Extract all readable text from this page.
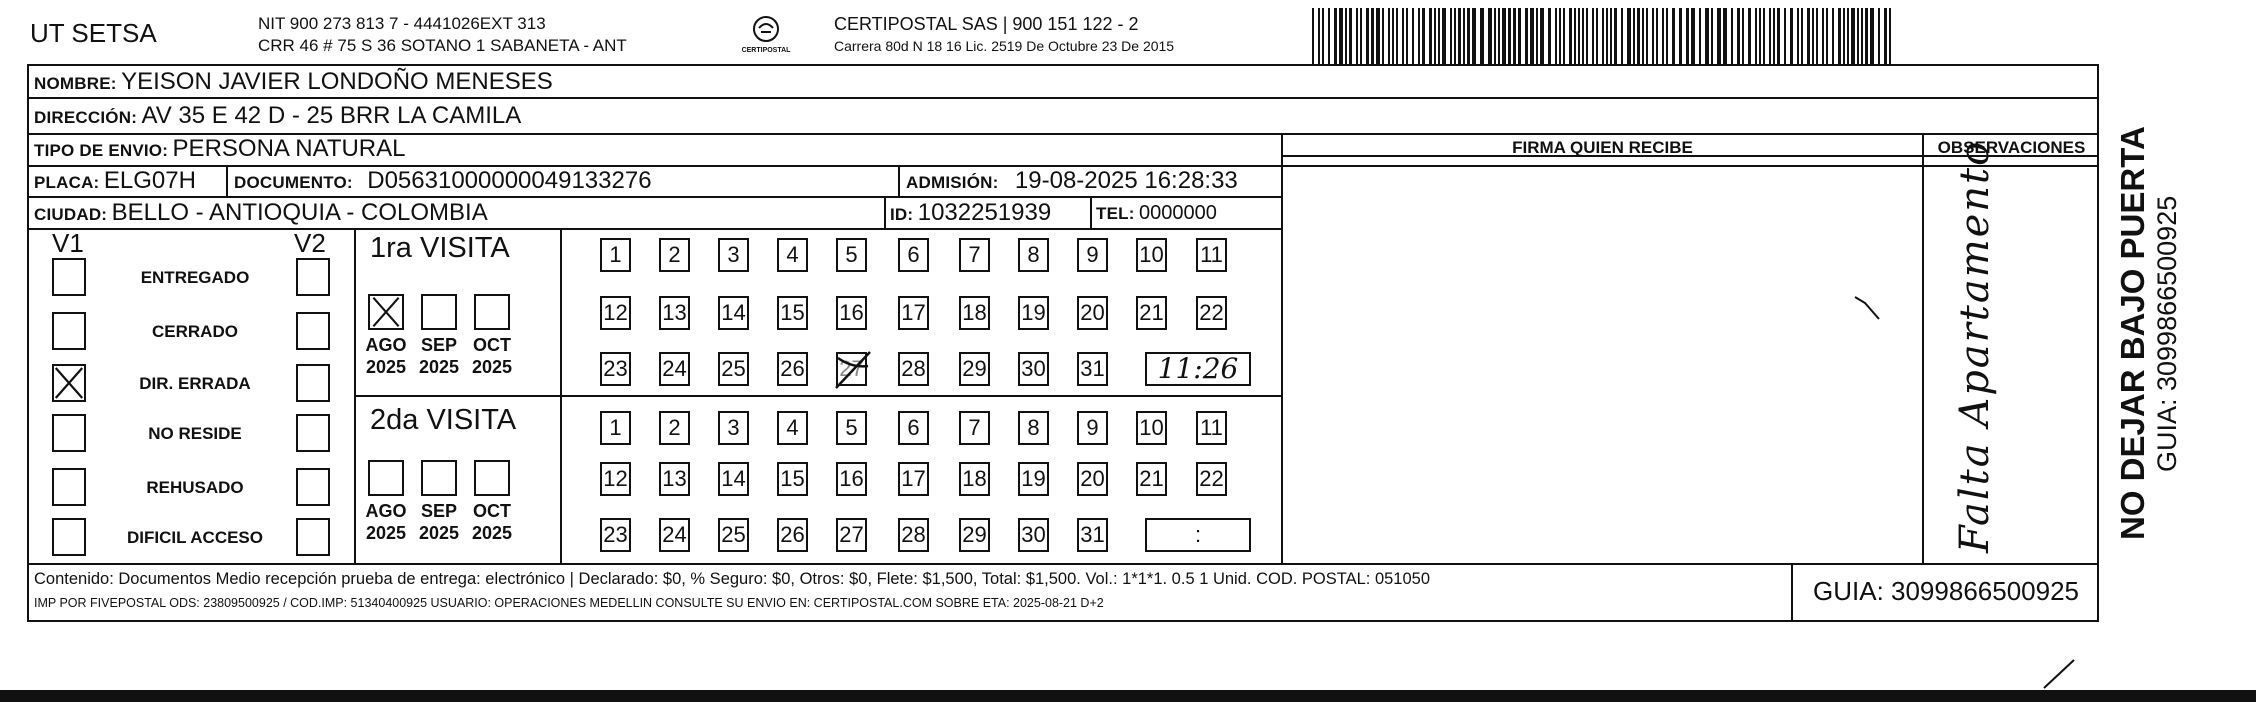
UT SETSA	NIT 900 273 813 7 - 4441026EXT 313
CRR 46 # 75 S 36 SOTANO 1 SABANETA - ANT	CERTIPOSTAL
CERTIPOSTAL SAS | 900 151 122 - 2
Carrera 80d N 18 16 Lic. 2519 De Octubre 23 De 2015
NOMBRE: YEISON JAVIER LONDOÑO MENESES
DIRECCIÓN: AV 35 E 42 D - 25 BRR LA CAMILA
TIPO DE ENVIO: PERSONA NATURAL
PLACA: ELG07H DOCUMENTO: D05631000000049133276	ADMISIÓN: 19-08-2025 16:28:33
CIUDAD: BELLO - ANTIOQUIA - COLOMBIA	ID: 1032251939	TEL: 0000000
FIRMA QUIEN RECIBE	OBSERVACIONES
Falta Apartamento
V1	V2
ENTREGADO
CERRADO
DIR. ERRADA
NO RESIDE
REHUSADO
DIFICIL ACCESO
1ra VISITA
AGO
2025
SEP
2025
OCT
2025
1	2	3	4	5	6	7	8	9	10 11
12 13 14 15 16 17 18 19 20 21 22
23 24 25 26 27 28 29 30 31	11:26
2da VISITA
AGO
2025
SEP
2025
OCT
2025
1	2	3	4	5	6	7	8	9	10 11
12 13 14 15 16 17 18 19 20 21 22
23 24 25 26 27 28 29 30 31	:
Contenido: Documentos Medio recepción prueba de entrega: electrónico | Declarado: $0, % Seguro: $0, Otros: $0, Flete: $1,500, Total: $1,500. Vol.: 1*1*1. 0.5 1 Unid. COD. POSTAL: 051050
IMP POR FIVEPOSTAL ODS: 23809500925 / COD.IMP: 51340400925 USUARIO: OPERACIONES MEDELLIN CONSULTE SU ENVIO EN: CERTIPOSTAL.COM SOBRE ETA: 2025-08-21 D+2	GUIA: 3099866500925
NO DEJAR BAJO PUERTA GUIA: 3099866500925
